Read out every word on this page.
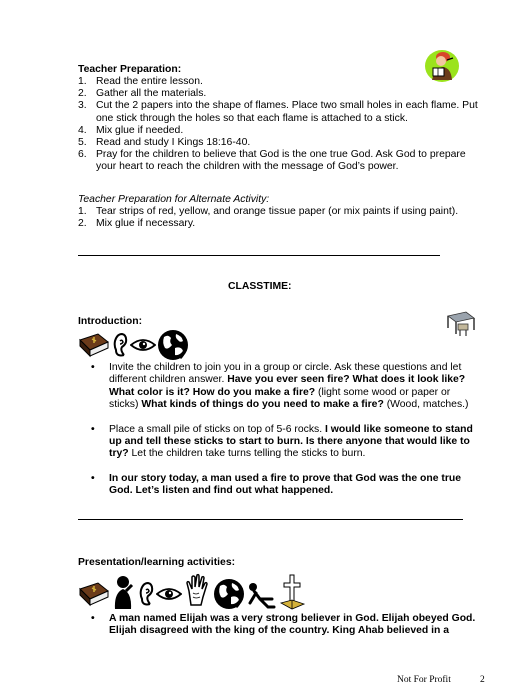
Teacher Preparation:
1. Read the entire lesson.
2. Gather all the materials.
3. Cut the 2 papers into the shape of flames. Place two small holes in each flame. Put
one stick through the holes so that each flame is attached to a stick.
4. Mix glue if needed.
5. Read and study I Kings 18:16-40.
6. Pray for the children to believe that God is the one true God. Ask God to prepare
your heart to reach the children with the message of God’s power.
Teacher Preparation for Alternate Activity:
1. Tear strips of red, yellow, and orange tissue paper (or mix paints if using paint).
2. Mix glue if necessary.
CLASSTIME:
Introduction:
• Invite the children to join you in a group or circle. Ask these questions and let
different children answer. Have you ever seen fire? What does it look like?
What color is it? How do you make a fire? (light some wood or paper or
sticks) What kinds of things do you need to make a fire? (Wood, matches.)
• Place a small pile of sticks on top of 5-6 rocks. I would like someone to stand
up and tell these sticks to start to burn. Is there anyone that would like to
try? Let the children take turns telling the sticks to burn.
• In our story today, a man used a fire to prove that God was the one true
God. Let’s listen and find out what happened.
Presentation/learning activities:
• A man named Elijah was a very strong believer in God. Elijah obeyed God.
Elijah disagreed with the king of the country. King Ahab believed in a
Not For Profit	2
